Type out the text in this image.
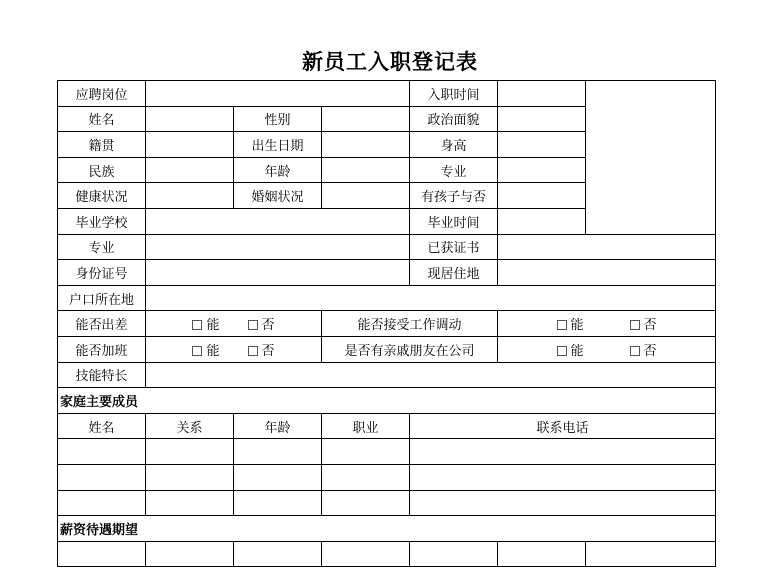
新员工入职登记表
应聘岗位				入职时间		
姓名		性别		政治面貌		
籍贯		出生日期		身高		
民族		年龄		专业		
健康状况		婚姻状况		有孩子与否		
毕业学校				毕业时间		
专业				已获证书		
身份证号				现居住地		
户口所在地						
能否出差	能 否		能否接受工作调动		能 否	
能否加班	能 否		是否有亲戚朋友在公司		能 否	
技能特长						
家庭主要成员						
姓名	关系	年龄	职业	联系电话		

薪资待遇期望						
